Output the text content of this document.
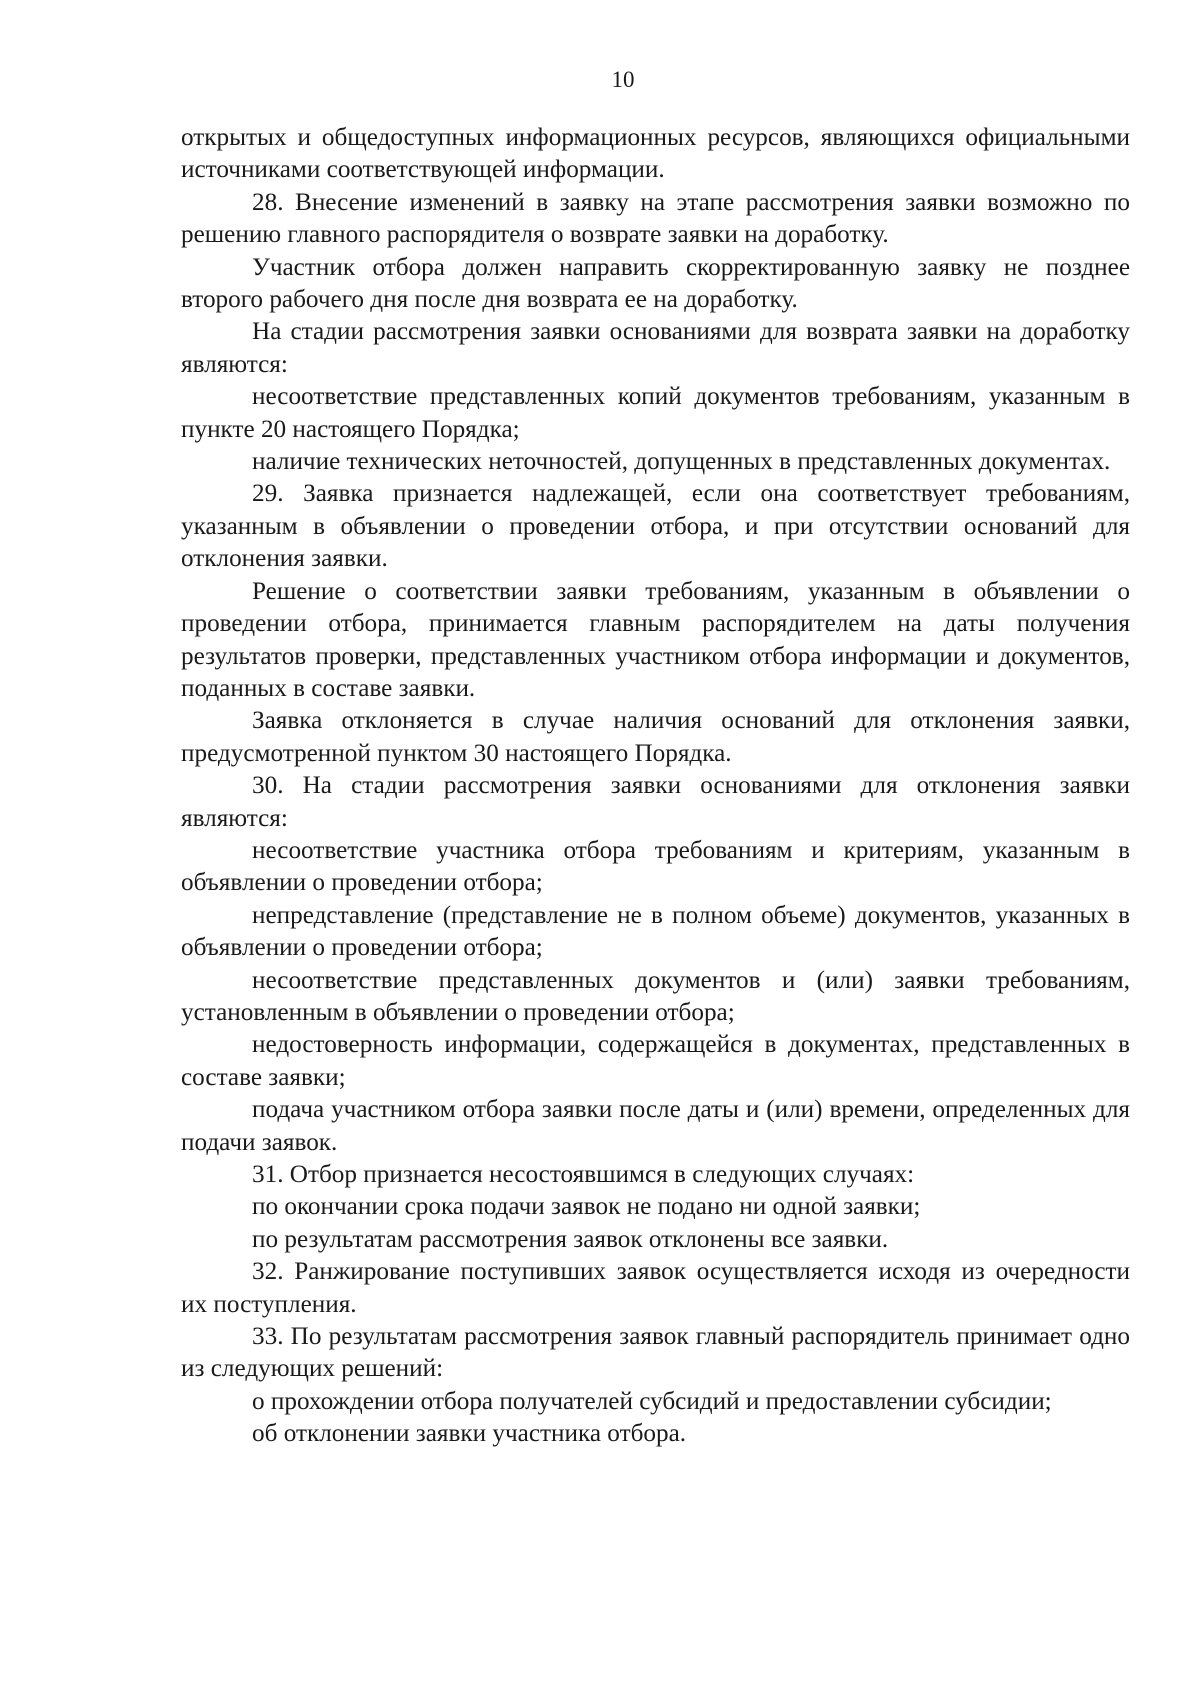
10

открытых и общедоступных информационных ресурсов, являющихся официальными источниками соответствующей информации.

28. Внесение изменений в заявку на этапе рассмотрения заявки возможно по решению главного распорядителя о возврате заявки на доработку.

Участник отбора должен направить скорректированную заявку не позднее второго рабочего дня после дня возврата ее на доработку.

На стадии рассмотрения заявки основаниями для возврата заявки на доработку являются:

несоответствие представленных копий документов требованиям, указанным в пункте 20 настоящего Порядка;

наличие технических неточностей, допущенных в представленных документах.

29. Заявка признается надлежащей, если она соответствует требованиям, указанным в объявлении о проведении отбора, и при отсутствии оснований для отклонения заявки.

Решение о соответствии заявки требованиям, указанным в объявлении о проведении отбора, принимается главным распорядителем на даты получения результатов проверки, представленных участником отбора информации и документов, поданных в составе заявки.

Заявка отклоняется в случае наличия оснований для отклонения заявки, предусмотренной пунктом 30 настоящего Порядка.

30. На стадии рассмотрения заявки основаниями для отклонения заявки являются:

несоответствие участника отбора требованиям и критериям, указанным в объявлении о проведении отбора;

непредставление (представление не в полном объеме) документов, указанных в объявлении о проведении отбора;

несоответствие представленных документов и (или) заявки требованиям, установленным в объявлении о проведении отбора;

недостоверность информации, содержащейся в документах, представленных в составе заявки;

подача участником отбора заявки после даты и (или) времени, определенных для подачи заявок.

31. Отбор признается несостоявшимся в следующих случаях:

по окончании срока подачи заявок не подано ни одной заявки;

по результатам рассмотрения заявок отклонены все заявки.

32. Ранжирование поступивших заявок осуществляется исходя из очередности их поступления.

33. По результатам рассмотрения заявок главный распорядитель принимает одно из следующих решений:

о прохождении отбора получателей субсидий и предоставлении субсидии;

об отклонении заявки участника отбора.
